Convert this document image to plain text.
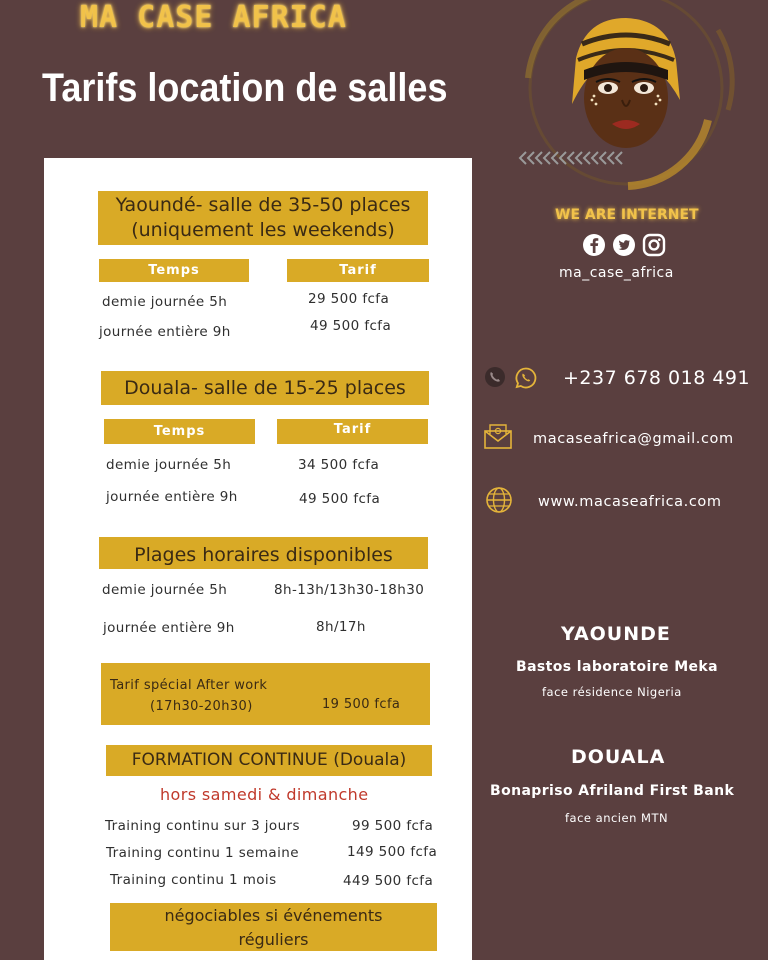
MA CASE AFRICA
Tarifs location de salles
Yaoundé- salle de 35-50 places
(uniquement les weekends)
Temps	Tarif
demie journée 5h	29 500 fcfa
journée entière 9h	49 500 fcfa
Douala- salle de 15-25 places
Temps	Tarif
demie journée 5h	34 500 fcfa
journée entière 9h	49 500 fcfa
Plages horaires disponibles
demie journée 5h	8h-13h/13h30-18h30
journée entière 9h	8h/17h
Tarif spécial After work
(17h30-20h30)	19 500 fcfa
FORMATION CONTINUE (Douala)
hors samedi & dimanche
Training continu sur 3 jours	99 500 fcfa
Training continu 1 semaine	149 500 fcfa
Training continu 1 mois	449 500 fcfa
négociables si événements
réguliers
WE ARE INTERNET
ma_case_africa
+237 678 018 491
macaseafrica@gmail.com
www.macaseafrica.com
YAOUNDE
Bastos laboratoire Meka
face résidence Nigeria
DOUALA
Bonapriso Afriland First Bank
face ancien MTN
